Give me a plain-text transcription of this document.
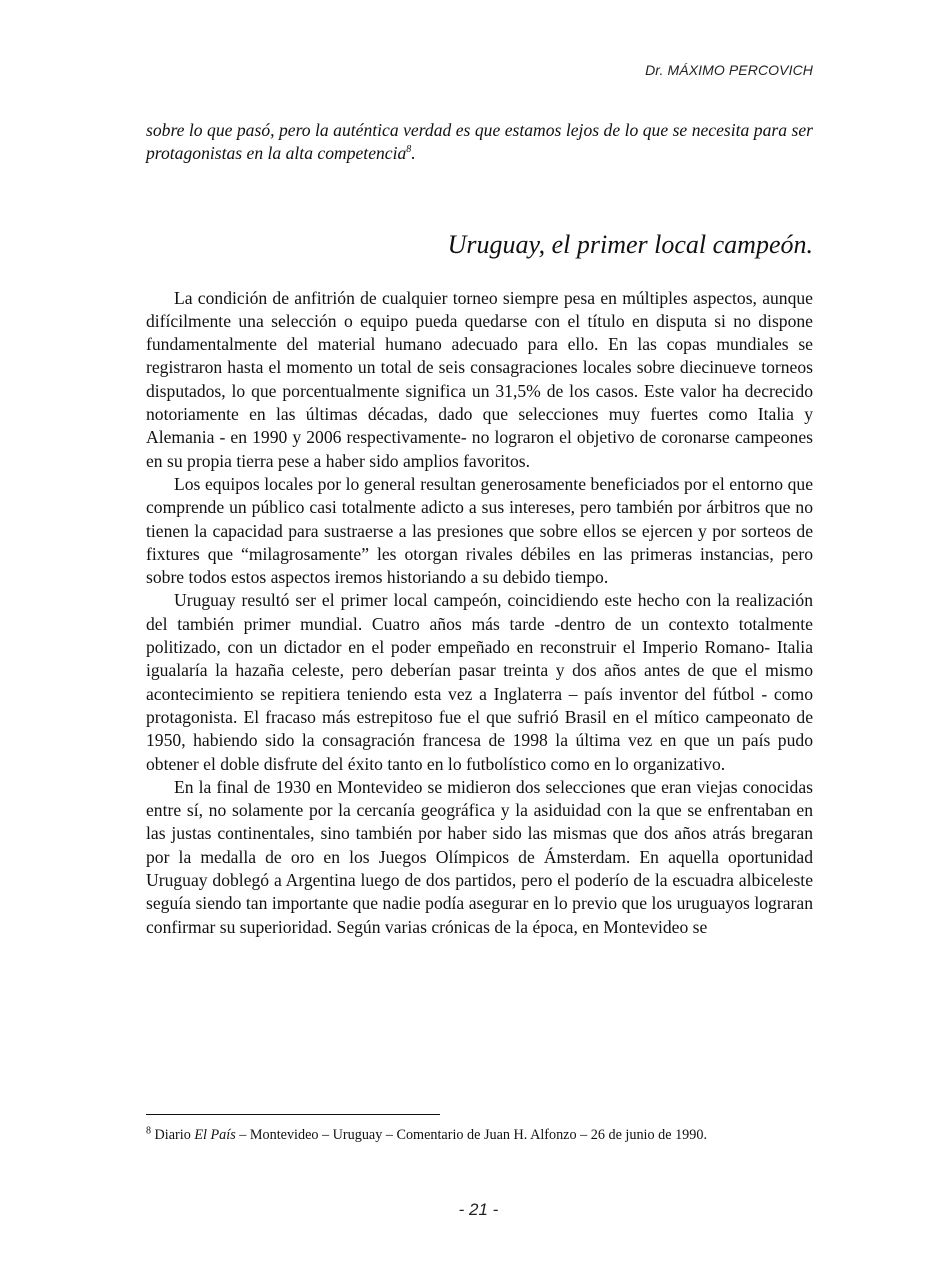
Dr. MÁXIMO PERCOVICH

sobre lo que pasó, pero la auténtica verdad es que estamos lejos de lo que se necesita para ser protagonistas en la alta competencia$^8$.

Uruguay, el primer local campeón.

La condición de anfitrión de cualquier torneo siempre pesa en múltiples aspectos, aunque difícilmente una selección o equipo pueda quedarse con el título en disputa si no dispone fundamentalmente del material humano adecuado para ello. En las copas mundiales se registraron hasta el momento un total de seis consagraciones locales sobre diecinueve torneos disputados, lo que porcentualmente significa un 31,5% de los casos. Este valor ha decrecido notoriamente en las últimas décadas, dado que selecciones muy fuertes como Italia y Alemania - en 1990 y 2006 respectivamente- no lograron el objetivo de coronarse campeones en su propia tierra pese a haber sido amplios favoritos.

Los equipos locales por lo general resultan generosamente beneficiados por el entorno que comprende un público casi totalmente adicto a sus intereses, pero también por árbitros que no tienen la capacidad para sustraerse a las presiones que sobre ellos se ejercen y por sorteos de fixtures que “milagrosamente” les otorgan rivales débiles en las primeras instancias, pero sobre todos estos aspectos iremos historiando a su debido tiempo.

Uruguay resultó ser el primer local campeón, coincidiendo este hecho con la realización del también primer mundial. Cuatro años más tarde -dentro de un contexto totalmente politizado, con un dictador en el poder empeñado en reconstruir el Imperio Romano- Italia igualaría la hazaña celeste, pero deberían pasar treinta y dos años antes de que el mismo acontecimiento se repitiera teniendo esta vez a Inglaterra – país inventor del fútbol - como protagonista. El fracaso más estrepitoso fue el que sufrió Brasil en el mítico campeonato de 1950, habiendo sido la consagración francesa de 1998 la última vez en que un país pudo obtener el doble disfrute del éxito tanto en lo futbolístico como en lo organizativo.

En la final de 1930 en Montevideo se midieron dos selecciones que eran viejas conocidas entre sí, no solamente por la cercanía geográfica y la asiduidad con la que se enfrentaban en las justas continentales, sino también por haber sido las mismas que dos años atrás bregaran por la medalla de oro en los Juegos Olímpicos de Ámsterdam. En aquella oportunidad Uruguay doblegó a Argentina luego de dos partidos, pero el poderío de la escuadra albiceleste seguía siendo tan importante que nadie podía asegurar en lo previo que los uruguayos lograran confirmar su superioridad. Según varias crónicas de la época, en Montevideo se

$^8$ Diario El País – Montevideo – Uruguay – Comentario de Juan H. Alfonzo – 26 de junio de 1990.
- 21 -
